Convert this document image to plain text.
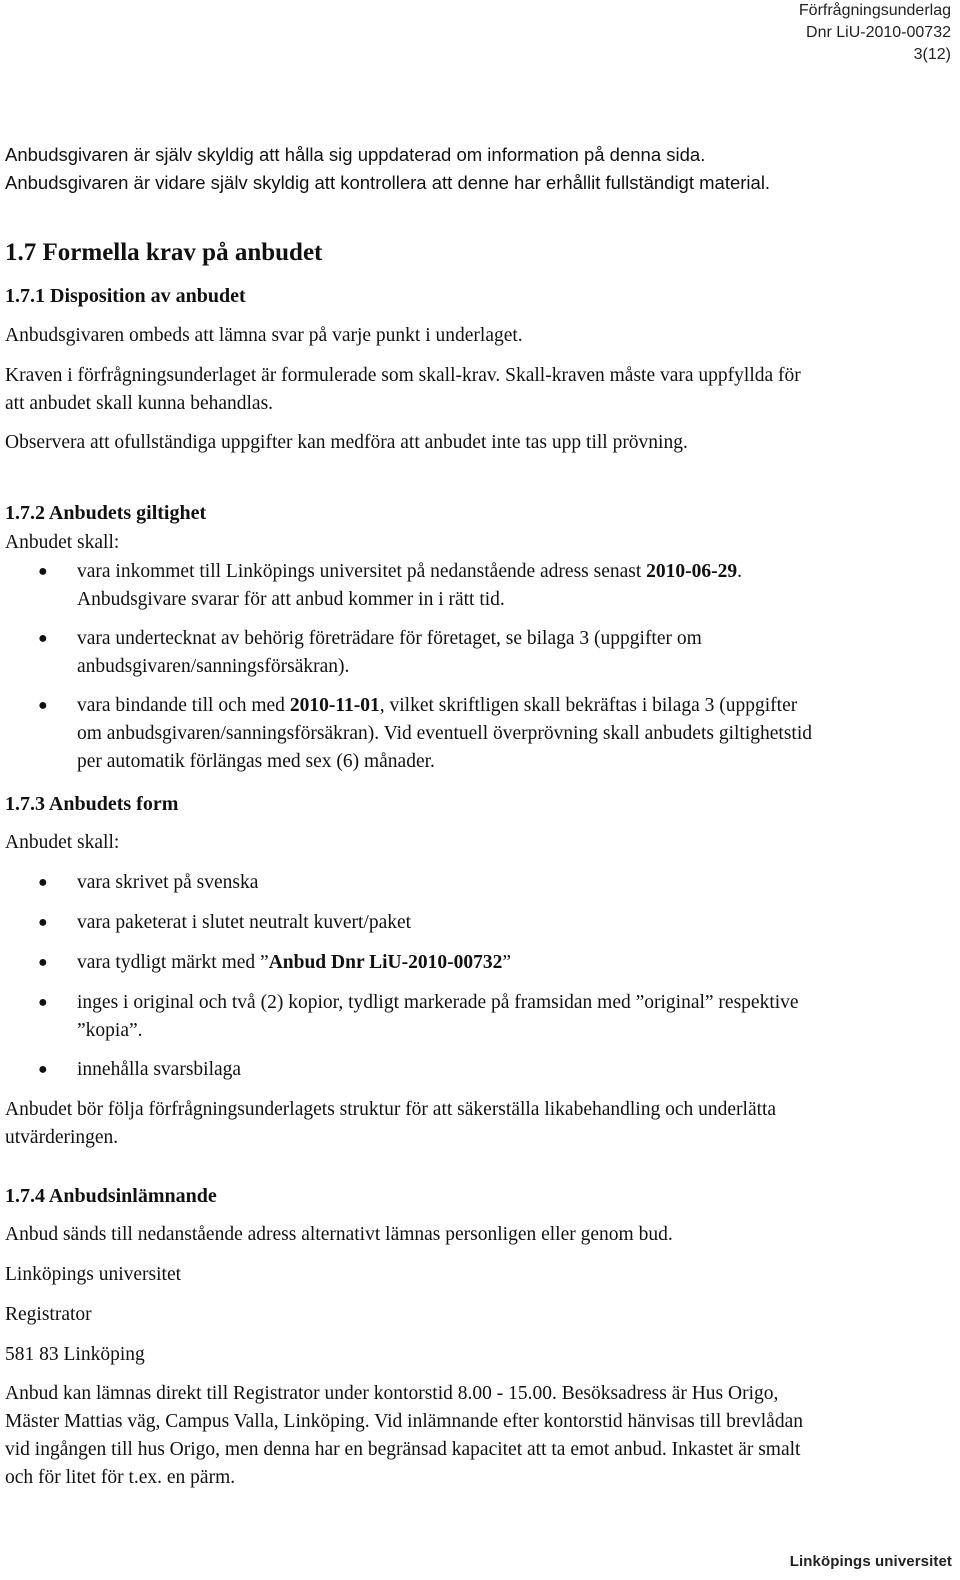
Förfrågningsunderlag
Dnr LiU-2010-00732
3(12)

Anbudsgivaren är själv skyldig att hålla sig uppdaterad om information på denna sida. Anbudsgivaren är vidare själv skyldig att kontrollera att denne har erhållit fullständigt material.

1.7 Formella krav på anbudet
1.7.1 Disposition av anbudet

Anbudsgivaren ombeds att lämna svar på varje punkt i underlaget.

Kraven i förfrågningsunderlaget är formulerade som skall-krav. Skall-kraven måste vara uppfyllda för att anbudet skall kunna behandlas.

Observera att ofullständiga uppgifter kan medföra att anbudet inte tas upp till prövning.

1.7.2 Anbudets giltighet

Anbudet skall:

● vara inkommet till Linköpings universitet på nedanstående adress senast 2010-06-29. Anbudsgivare svarar för att anbud kommer in i rätt tid.
● vara undertecknat av behörig företrädare för företaget, se bilaga 3 (uppgifter om anbudsgivaren/sanningsförsäkran).
● vara bindande till och med 2010-11-01, vilket skriftligen skall bekräftas i bilaga 3 (uppgifter om anbudsgivaren/sanningsförsäkran). Vid eventuell överprövning skall anbudets giltighetstid per automatik förlängas med sex (6) månader.
1.7.3 Anbudets form

Anbudet skall:

● vara skrivet på svenska
● vara paketerat i slutet neutralt kuvert/paket
● vara tydligt märkt med ”Anbud Dnr LiU-2010-00732”
● inges i original och två (2) kopior, tydligt markerade på framsidan med ”original” respektive ”kopia”.
● innehålla svarsbilaga

Anbudet bör följa förfrågningsunderlagets struktur för att säkerställa likabehandling och underlätta utvärderingen.

1.7.4 Anbudsinlämnande

Anbud sänds till nedanstående adress alternativt lämnas personligen eller genom bud.

Linköpings universitet

Registrator

581 83 Linköping

Anbud kan lämnas direkt till Registrator under kontorstid 8.00 - 15.00. Besöksadress är Hus Origo, Mäster Mattias väg, Campus Valla, Linköping. Vid inlämnande efter kontorstid hänvisas till brevlådan vid ingången till hus Origo, men denna har en begränsad kapacitet att ta emot anbud. Inkastet är smalt och för litet för t.ex. en pärm.

Linköpings universitet
